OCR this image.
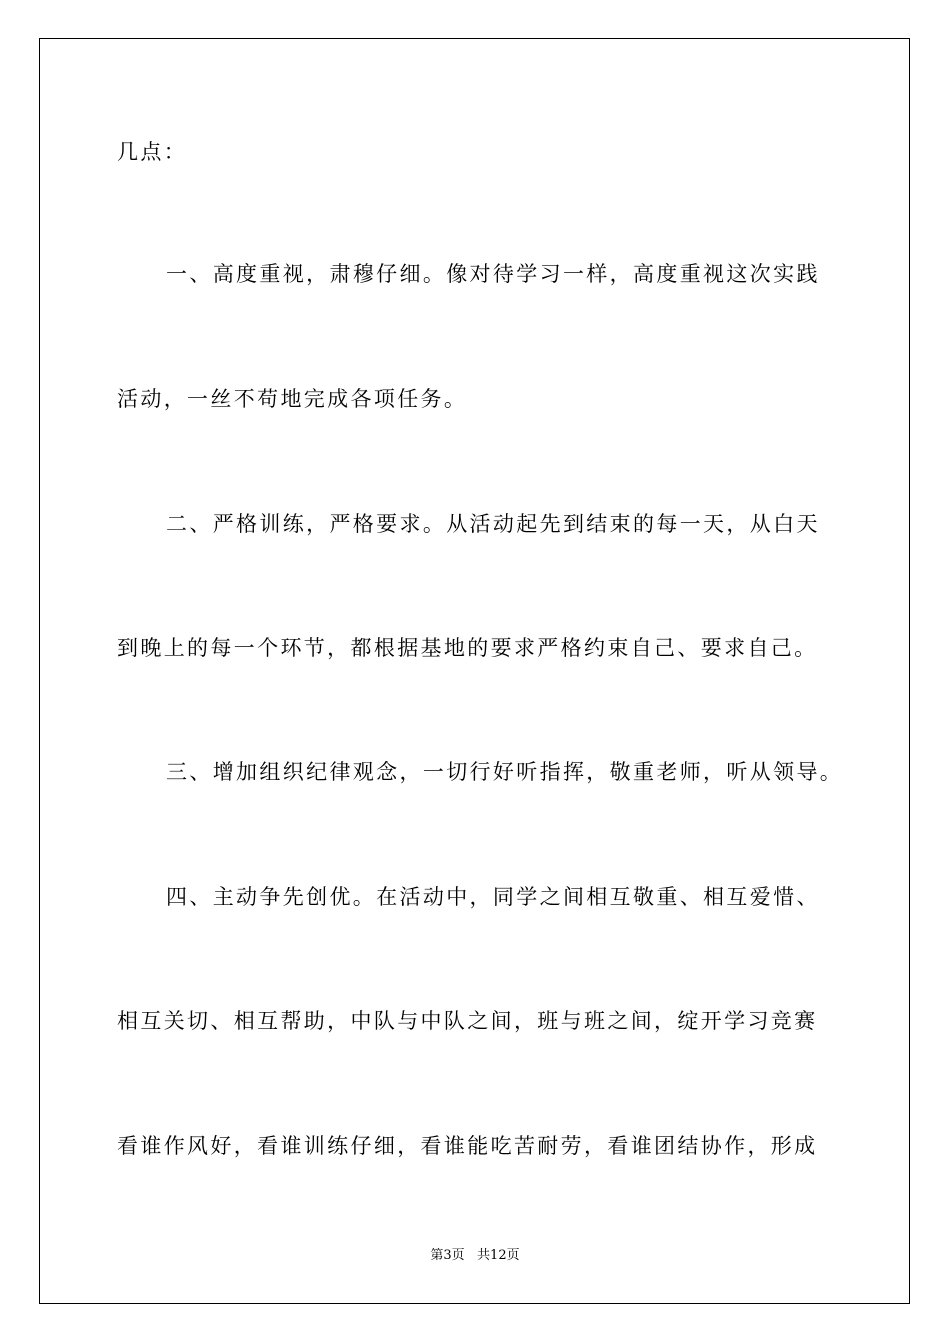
几点：
一、高度重视，肃穆仔细。像对待学习一样，高度重视这次实践
活动，一丝不苟地完成各项任务。
二、严格训练，严格要求。从活动起先到结束的每一天，从白天
到晚上的每一个环节，都根据基地的要求严格约束自己、要求自己。
三、增加组织纪律观念，一切行好听指挥，敬重老师，听从领导。
四、主动争先创优。在活动中，同学之间相互敬重、相互爱惜、
相互关切、相互帮助，中队与中队之间，班与班之间，绽开学习竞赛
看谁作风好，看谁训练仔细，看谁能吃苦耐劳，看谁团结协作，形成
第3页   共12页
